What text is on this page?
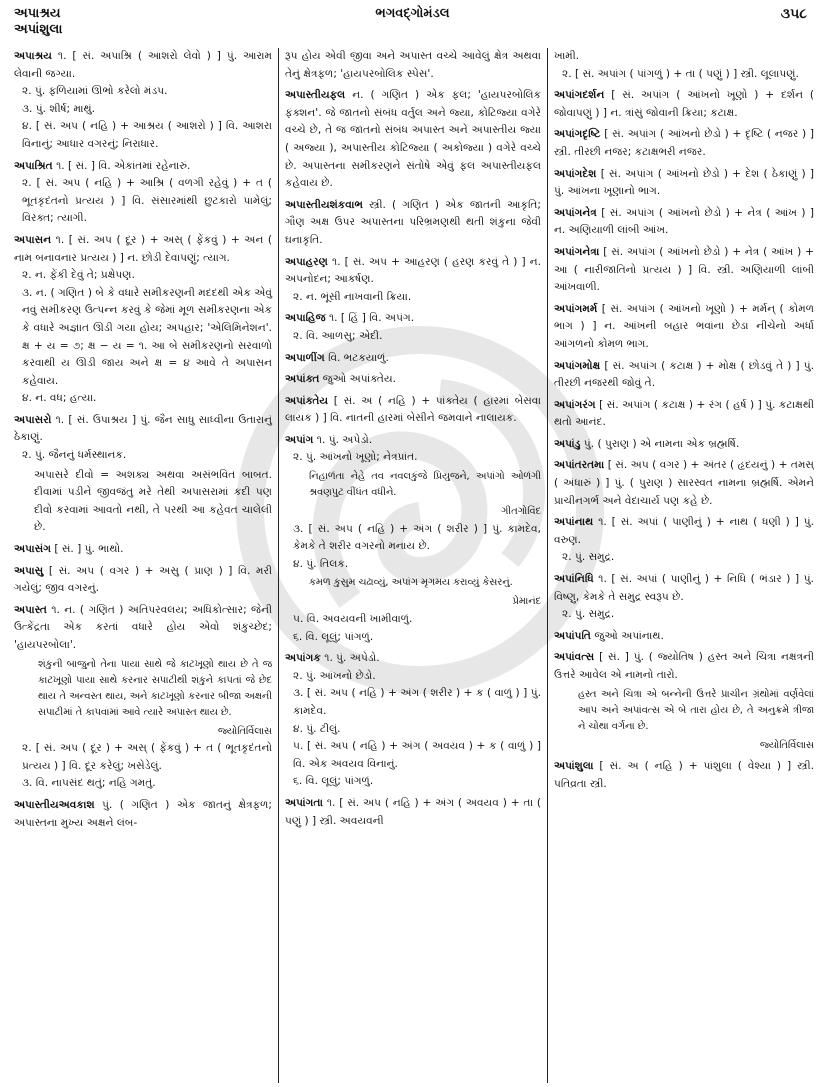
અપાશ્રય
અપાંશુલા
ભગવદ્ગોમંડલ	૩૫૮
અપાશ્રય ૧. [ સં. અપાશ્રિ ( આશરો લેવો ) ] પું. આરામ લેવાની જગ્યા.
૨. પું. ફળિયામાં ઊભો કરેલો મંડપ.
૩. પું. શીર્ષ; માથું.
૪. [ સં. અપ ( નહિ ) + આશ્રય ( આશરો ) ] વિ. આશરા વિનાનું; આધાર વગરનું; નિરાધાર.
અપાશ્રિત ૧. [ સં. ] વિ. એકાંતમાં રહેનારું.
૨. [ સં. અપ ( નહિ ) + આશ્રિ ( વળગી રહેવું ) + ત ( ભૂતકૃદંતનો પ્રત્યય ) ] વિ. સંસારમાંથી છુટકારો પામેલું; વિરક્ત; ત્યાગી.
અપાસન ૧. [ સં. અપ ( દૂર ) + અસ્ ( ફેંકવું ) + અન ( નામ બનાવનાર પ્રત્યય ) ] ન. છોડી દેવાપણું; ત્યાગ.
૨. ન. ફેંકી દેવું તે; પ્રક્ષેપણ.
૩. ન. ( ગણિત ) બે કે વધારે સમીકરણની મદદથી એક એવું નવું સમીકરણ ઉત્પન્ન કરવું કે જેમાં મૂળ સમીકરણના એક કે વધારે અજ્ઞાત ઊડી ગયા હોય; અપહાર; 'એલિમિનેશન'. ક્ષ + ય = ૭; ક્ષ − ય = ૧. આ બે સમીકરણનો સરવાળો કરવાથી ય ઊડી જાય અને ક્ષ = ૪ આવે તે અપાસન કહેવાય.
૪. ન. વધ; હત્યા.
અપાસરો ૧. [ સં. ઉપાશ્રય ] પું. જૈન સાધુ સાધ્વીના ઉતારાનું ઠેકાણું.
૨. પું. જૈનનું ધર્મસ્થાનક.
અપાસરે દીવો = અશક્ય અથવા અસંભવિત બાબત. દીવામાં પડીને જીવજંતુ મરે તેથી અપાસરામાં કદી પણ દીવો કરવામાં આવતો નથી, તે પરથી આ કહેવત ચાલેલી છે.
અપાસંગ [ સં. ] પું. ભાથો.
અપાસુ [ સં. અપ ( વગર ) + અસુ ( પ્રાણ ) ] વિ. મરી ગયેલું; જીવ વગરનું.
અપાસ્ત ૧. ન. ( ગણિત ) અતિપરવલય; અધિકોત્સાર; જેની ઉત્કેંદ્રતા એક કરતાં વધારે હોય એવો શંકુચ્છેદ; 'હાયપરબોલા'.
શંકુની બાજુનો તેના પાયા સાથે જે કાટખૂણો થાય છે તે જ કાટખૂણો પાયા સાથે કરનાર સપાટીથી શંકુને કાપતાં જે છેદ થાય તે અન્વસ્ત થાય, અને કાટખૂણો કરનાર બીજા અક્ષની સપાટીમાં તે કાપવામાં આવે ત્યારે અપાસ્ત થાય છે.
જ્યોતિર્વિલાસ
૨. [ સં. અપ ( દૂર ) + અસ્ ( ફેંકવું ) + ત ( ભૂતકૃદંતનો પ્રત્યય ) ] વિ. દૂર કરેલું; ખસેડેલું.
૩. વિ. નાપસંદ થતું; નહિ ગમતું.
અપાસ્તીયઅવકાશ પું. ( ગણિત ) એક જાતનું ક્ષેત્રફળ; અપાસ્તના મુખ્ય અક્ષને લંબ-
રૂપ હોય એવી જીવા અને અપાસ્ત વચ્ચે આવેલું ક્ષેત્ર અથવા તેનું ક્ષેત્રફળ; 'હાયપરબોલિક સ્પેસ'.
અપાસ્તીયફલ ન. ( ગણિત ) એક ફલ; 'હાયપરબોલિક ફંક્શન'. જે જાતનો સંબંધ વર્તુલ અને જ્યા, કોટિજ્યા વગેરે વચ્ચે છે, તે જ જાતનો સંબંધ અપાસ્ત અને અપાસ્તીય જ્યા ( અજ્યા ), અપાસ્તીય કોટિજ્યા ( અકોજ્યા ) વગેરે વચ્ચે છે. અપાસ્તના સમીકરણને સંતોષે એવું ફલ અપાસ્તીયફલ કહેવાય છે.
અપાસ્તીયશંકવાભ સ્ત્રી. ( ગણિત ) એક જાતની આકૃતિ; ગૌણ અક્ષ ઉપર અપાસ્તના પરિભ્રમણથી થતી શંકુના જેવી ઘનાકૃતિ.
અપાહરણ ૧. [ સં. અપ + આહરણ ( હરણ કરવું તે ) ] ન. અપનોદન; આકર્ષણ.
૨. ન. ભૂંસી નાખવાની ક્રિયા.
અપાહિજ ૧. [ હિં ] વિ. અપંગ.
૨. વિ. આળસુ; એદી.
અપાળીંગ વિ. ભટકયાળું.
અપાંક્ત જુઓ અપાંક્તેય.
અપાંક્તેય [ સં. અ ( નહિ ) + પાંક્તેય ( હારમાં બેસવા લાયક ) ] વિ. નાતની હારમાં બેસીને જમવાને નાલાયક.
અપાંગ ૧. પું. અપેડો.
૨. પું. આંખનો ખૂણો; નેત્રપ્રાંત.
નિહાળંતા નેહે તવ નવલકુંજે પ્રિયુજને, અપાંગો ઓળંગી શ્રવણપુટ વીંધંત વધીને.
ગીતગોવિંદ
૩. [ સં. અપ ( નહિ ) + અંગ ( શરીર ) ] પું. કામદેવ, કેમકે તે શરીર વગરનો મનાય છે.
૪. પું. તિલક.
કમળ કુસુમ ચઢાવ્યું, અપાંગ મૃગમય કરાવ્યું કેસરનું.
પ્રેમાનંદ
૫. વિ. અવયવની ખામીવાળું.
૬. વિ. લૂલું; પાંગળું.
અપાંગક ૧. પું. અપેડો.
૨. પું. આંખનો છેડો.
૩. [ સં. અપ ( નહિ ) + અંગ ( શરીર ) + ક ( વાળું ) ] પું. કામદેવ.
૪. પું. ટીલું.
૫. [ સં. અપ ( નહિ ) + અંગ ( અવયવ ) + ક ( વાળું ) ] વિ. એક અવયવ વિનાનું.
૬. વિ. લૂલું; પાંગળું.
અપાંગતા ૧. [ સં. અપ ( નહિ ) + અંગ ( અવયવ ) + તા ( પણું ) ] સ્ત્રી. અવયવની
ખામી.
૨. [ સં. અપાંગ ( પાંગળું ) + તા ( પણું ) ] સ્ત્રી. લૂલાપણું.
અપાંગદર્શન [ સં. અપાંગ ( આંખનો ખૂણો ) + દર્શન ( જોવાપણું ) ] ન. ત્રાંસું જોવાની ક્રિયા; કટાક્ષ.
અપાંગદૃષ્ટિ [ સં. અપાંગ ( આંખનો છેડો ) + દૃષ્ટિ ( નજર ) ] સ્ત્રી. તીરછી નજર; કટાક્ષભરી નજર.
અપાંગદેશ [ સં. અપાંગ ( આંખનો છેડો ) + દેશ ( ઠેકાણું ) ] પું. આંખના ખૂણાનો ભાગ.
અપાંગનેત્ર [ સં. અપાંગ ( આંખનો છેડો ) + નેત્ર ( આંખ ) ] ન. અણિયાળી લાંબી આંખ.
અપાંગનેત્રા [ સં. અપાંગ ( આંખનો છેડો ) + નેત્ર ( આંખ ) + આ ( નારીજાતિનો પ્રત્યય ) ] વિ. સ્ત્રી. અણિયાળી લાંબી આંખવાળી.
અપાંગમર્મ [ સં. અપાંગ ( આંખનો ખૂણો ) + મર્મન્ ( કોમળ ભાગ ) ] ન. આંખની બહાર ભવાંના છેડા નીચેનો અર્ધા આંગળનો કોમળ ભાગ.
અપાંગમોક્ષ [ સં. અપાંગ ( કટાક્ષ ) + મોક્ષ ( છોડવું તે ) ] પું. તીરછી નજરથી જોવું તે.
અપાંગરંગ [ સં. અપાંગ ( કટાક્ષ ) + રંગ ( હર્ષ ) ] પું. કટાક્ષથી થતો આનંદ.
અપાંડુ પું. ( પુરાણ ) એ નામના એક બ્રહ્મર્ષિ.
અપાંતરતમા [ સં. અપ ( વગર ) + અંતર ( હૃદયનું ) + તમસ્ ( અંધારું ) ] પું. ( પુરાણ ) સારસ્વત નામના બ્રહ્મર્ષિ. એમને પ્રાચીનગર્ભ અને વેદાચાર્ય પણ કહે છે.
અપાંનાથ ૧. [ સં. અપાં ( પાણીનું ) + નાથ ( ધણી ) ] પું. વરુણ.
૨. પું. સમુદ્ર.
અપાંનિધિ ૧. [ સં. અપાં ( પાણીનું ) + નિધિ ( ભંડાર ) ] પું. વિષ્ણુ, કેમકે તે સમુદ્ર સ્વરૂપ છે.
૨. પું. સમુદ્ર.
અપાંપતિ જુઓ અપાંનાથ.
અપાંવત્સ [ સં. ] પું. ( જ્યોતિષ ) હસ્ત અને ચિત્રા નક્ષત્રની ઉત્તરે આવેલ એ નામનો તારો.
હસ્ત અને ચિત્રા એ બન્નેની ઉત્તરે પ્રાચીન ગ્રંથોમાં વર્ણવેલાં આપ અને અપાંવત્સ એ બે તારા હોય છે, તે અનુક્રમે ત્રીજા ને ચોથા વર્ગના છે.
જ્યોતિર્વિલાસ
અપાંશુલા [ સં. અ ( નહિ ) + પાંશુલા ( વેશ્યા ) ] સ્ત્રી. પતિવ્રતા સ્ત્રી.
